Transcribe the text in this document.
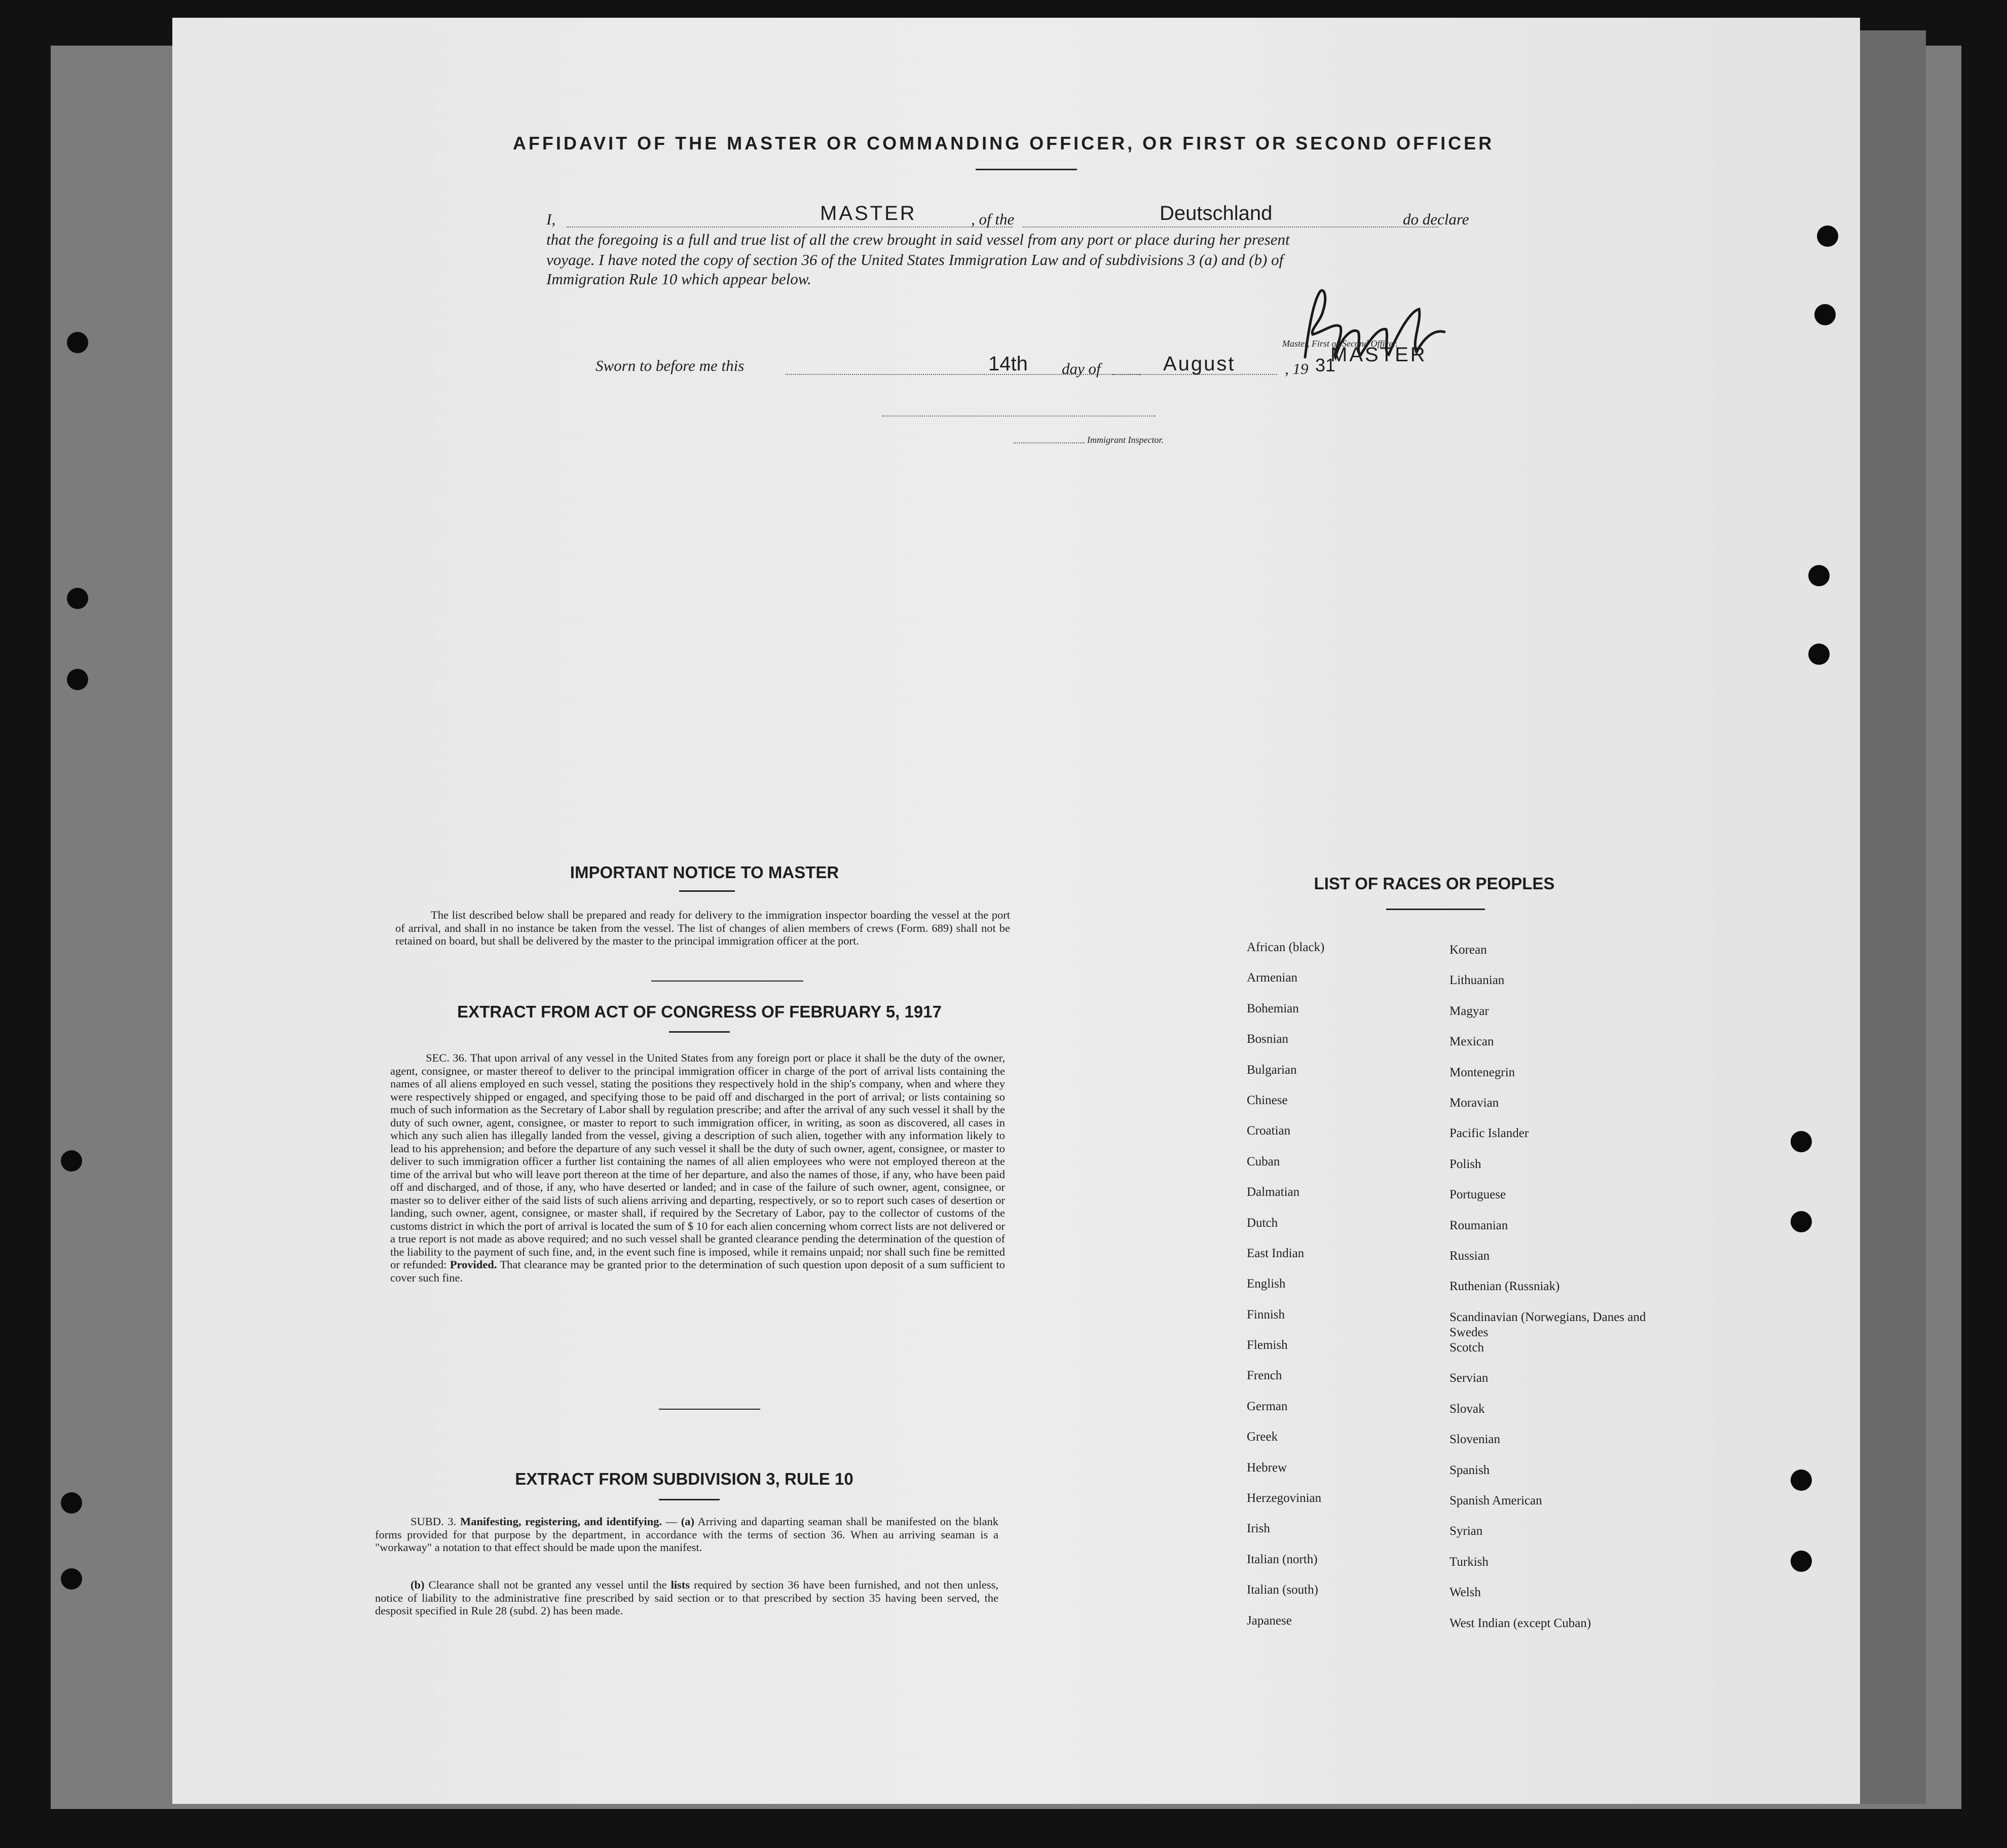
AFFIDAVIT OF THE MASTER OR COMMANDING OFFICER, OR FIRST OR SECOND OFFICER
I,	MASTER	, of the	Deutschland	do declare
that the foregoing is a full and true list of all the crew brought in said vessel from any port or place during her present
voyage. I have noted the copy of section 36 of the United States Immigration Law and of subdivisions 3 (a) and (b) of
Immigration Rule 10 which appear below.
Master, First or Second Officer.
MASTER
Sworn to before me this	14th day of	August	, 19 31
Immigrant Inspector.
IMPORTANT NOTICE TO MASTER
The list described below shall be prepared and ready for delivery to the immigration inspector boarding the vessel at the port of arrival, and shall in no instance be taken from the vessel. The list of changes of alien members of crews (Form. 689) shall not be retained on board, but shall be delivered by the master to the principal immigration officer at the port.
EXTRACT FROM ACT OF CONGRESS OF FEBRUARY 5, 1917
SEC. 36. That upon arrival of any vessel in the United States from any foreign port or place it shall be the duty of the owner, agent, consignee, or master thereof to deliver to the principal immigration officer in charge of the port of arrival lists containing the names of all aliens employed en such vessel, stating the positions they respectively hold in the ship's company, when and where they were respectively shipped or engaged, and specifying those to be paid off and discharged in the port of arrival; or lists containing so much of such information as the Secretary of Labor shall by regulation prescribe; and after the arrival of any such vessel it shall by the duty of such owner, agent, consignee, or master to report to such immigration officer, in writing, as soon as discovered, all cases in which any such alien has illegally landed from the vessel, giving a description of such alien, together with any information likely to lead to his apprehension; and before the departure of any such vessel it shall be the duty of such owner, agent, consignee, or master to deliver to such immigration officer a further list containing the names of all alien employees who were not employed thereon at the time of the arrival but who will leave port thereon at the time of her departure, and also the names of those, if any, who have been paid off and discharged, and of those, if any, who have deserted or landed; and in case of the failure of such owner, agent, consignee, or master so to deliver either of the said lists of such aliens arriving and departing, respectively, or so to report such cases of desertion or landing, such owner, agent, consignee, or master shall, if required by the Secretary of Labor, pay to the collector of customs of the customs district in which the port of arrival is located the sum of $ 10 for each alien concerning whom correct lists are not delivered or a true report is not made as above required; and no such vessel shall be granted clearance pending the determination of the question of the liability to the payment of such fine, and, in the event such fine is imposed, while it remains unpaid; nor shall such fine be remitted or refunded: Provided. That clearance may be granted prior to the determination of such question upon deposit of a sum sufficient to cover such fine.
EXTRACT FROM SUBDIVISION 3, RULE 10
SUBD. 3. Manifesting, registering, and identifying. — (a) Arriving and daparting seaman shall be manifested on the blank forms provided for that purpose by the department, in accordance with the terms of section 36. When au arriving seaman is a "workaway" a notation to that effect should be made upon the manifest.
(b) Clearance shall not be granted any vessel until the lists required by section 36 have been furnished, and not then unless, notice of liability to the administrative fine prescribed by said section or to that prescribed by section 35 having been served, the desposit specified in Rule 28 (subd. 2) has been made.
LIST OF RACES OR PEOPLES
African (black)
Armenian
Bohemian
Bosnian
Bulgarian
Chinese
Croatian
Cuban
Dalmatian
Dutch
East Indian
English
Finnish
Flemish
French
German
Greek
Hebrew
Herzegovinian
Irish
Italian (north)
Italian (south)
Japanese
Korean
Lithuanian
Magyar
Mexican
Montenegrin
Moravian
Pacific Islander
Polish
Portuguese
Roumanian
Russian
Ruthenian (Russniak)
Scandinavian (Norwegians, Danes and Swedes
Scotch
Servian
Slovak
Slovenian
Spanish
Spanish American
Syrian
Turkish
Welsh
West Indian (except Cuban)
